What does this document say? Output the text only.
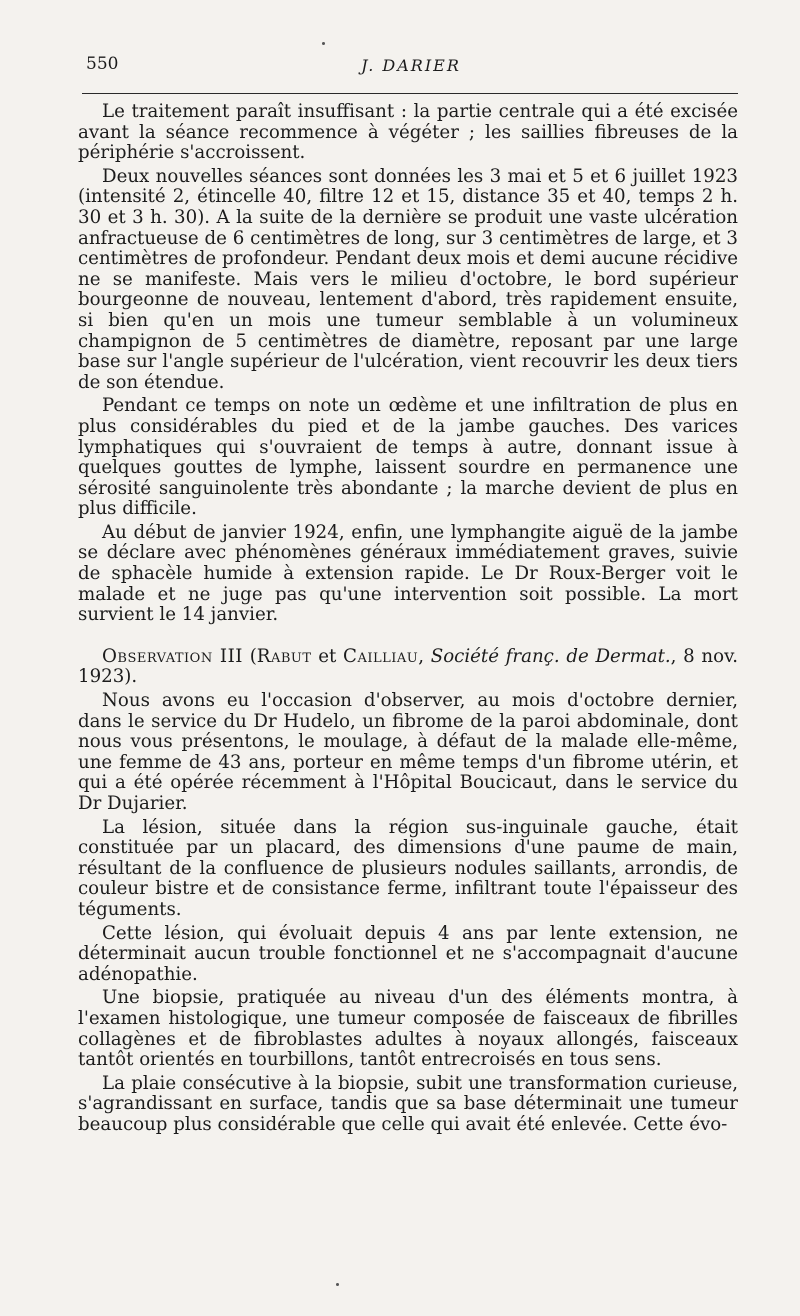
550	J. DARIER

Le traitement paraît insuffisant : la partie centrale qui a été excisée avant la séance recommence à végéter ; les saillies fibreuses de la périphérie s'accroissent.

Deux nouvelles séances sont données les 3 mai et 5 et 6 juillet 1923 (intensité 2, étincelle 40, filtre 12 et 15, distance 35 et 40, temps 2 h. 30 et 3 h. 30). A la suite de la dernière se produit une vaste ulcération anfractueuse de 6 centimètres de long, sur 3 centimètres de large, et 3 centimètres de profondeur. Pendant deux mois et demi aucune récidive ne se manifeste. Mais vers le milieu d'octobre, le bord supérieur bourgeonne de nouveau, lentement d'abord, très rapidement ensuite, si bien qu'en un mois une tumeur semblable à un volumineux champignon de 5 centimètres de diamètre, reposant par une large base sur l'angle supérieur de l'ulcération, vient recouvrir les deux tiers de son étendue.

Pendant ce temps on note un œdème et une infiltration de plus en plus considérables du pied et de la jambe gauches. Des varices lymphatiques qui s'ouvraient de temps à autre, donnant issue à quelques gouttes de lymphe, laissent sourdre en permanence une sérosité sanguinolente très abondante ; la marche devient de plus en plus difficile.

Au début de janvier 1924, enfin, une lymphangite aiguë de la jambe se déclare avec phénomènes généraux immédiatement graves, suivie de sphacèle humide à extension rapide. Le Dr Roux-Berger voit le malade et ne juge pas qu'une intervention soit possible. La mort survient le 14 janvier.

Observation III (Rabut et Cailliau, Société franç. de Dermat., 8 nov. 1923).

Nous avons eu l'occasion d'observer, au mois d'octobre dernier, dans le service du Dr Hudelo, un fibrome de la paroi abdominale, dont nous vous présentons, le moulage, à défaut de la malade elle-même, une femme de 43 ans, porteur en même temps d'un fibrome utérin, et qui a été opérée récemment à l'Hôpital Boucicaut, dans le service du Dr Dujarier.

La lésion, située dans la région sus-inguinale gauche, était constituée par un placard, des dimensions d'une paume de main, résultant de la confluence de plusieurs nodules saillants, arrondis, de couleur bistre et de consistance ferme, infiltrant toute l'épaisseur des téguments.

Cette lésion, qui évoluait depuis 4 ans par lente extension, ne déterminait aucun trouble fonctionnel et ne s'accompagnait d'aucune adénopathie.

Une biopsie, pratiquée au niveau d'un des éléments montra, à l'examen histologique, une tumeur composée de faisceaux de fibrilles collagènes et de fibroblastes adultes à noyaux allongés, faisceaux tantôt orientés en tourbillons, tantôt entrecroisés en tous sens.

La plaie consécutive à la biopsie, subit une transformation curieuse, s'agrandissant en surface, tandis que sa base déterminait une tumeur beaucoup plus considérable que celle qui avait été enlevée. Cette évo-
